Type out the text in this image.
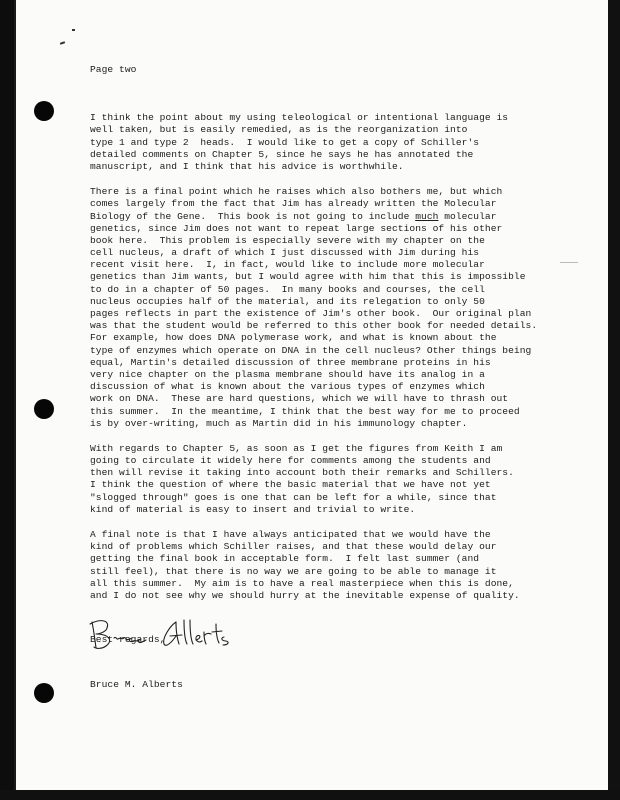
Page two
I think the point about my using teleological or intentional language is
well taken, but is easily remedied, as is the reorganization into
type 1 and type 2  heads.  I would like to get a copy of Schiller's
detailed comments on Chapter 5, since he says he has annotated the
manuscript, and I think that his advice is worthwhile.
There is a final point which he raises which also bothers me, but which
comes largely from the fact that Jim has already written the Molecular
Biology of the Gene.  This book is not going to include much molecular
genetics, since Jim does not want to repeat large sections of his other
book here.  This problem is especially severe with my chapter on the
cell nucleus, a draft of which I just discussed with Jim during his
recent visit here.  I, in fact, would like to include more molecular
genetics than Jim wants, but I would agree with him that this is impossible
to do in a chapter of 50 pages.  In many books and courses, the cell
nucleus occupies half of the material, and its relegation to only 50
pages reflects in part the existence of Jim's other book.  Our original plan
was that the student would be referred to this other book for needed details.
For example, how does DNA polymerase work, and what is known about the
type of enzymes which operate on DNA in the cell nucleus? Other things being
equal, Martin's detailed discussion of three membrane proteins in his
very nice chapter on the plasma membrane should have its analog in a
discussion of what is known about the various types of enzymes which
work on DNA.  These are hard questions, which we will have to thrash out
this summer.  In the meantime, I think that the best way for me to proceed
is by over-writing, much as Martin did in his immunology chapter.
With regards to Chapter 5, as soon as I get the figures from Keith I am
going to circulate it widely here for comments among the students and
then will revise it taking into account both their remarks and Schillers.
I think the question of where the basic material that we have not yet
"slogged through" goes is one that can be left for a while, since that
kind of material is easy to insert and trivial to write.
A final note is that I have always anticipated that we would have the
kind of problems which Schiller raises, and that these would delay our
getting the final book in acceptable form.  I felt last summer (and
still feel), that there is no way we are going to be able to manage it
all this summer.  My aim is to have a real masterpiece when this is done,
and I do not see why we should hurry at the inevitable expense of quality.
Best regards,
Bruce M. Alberts
